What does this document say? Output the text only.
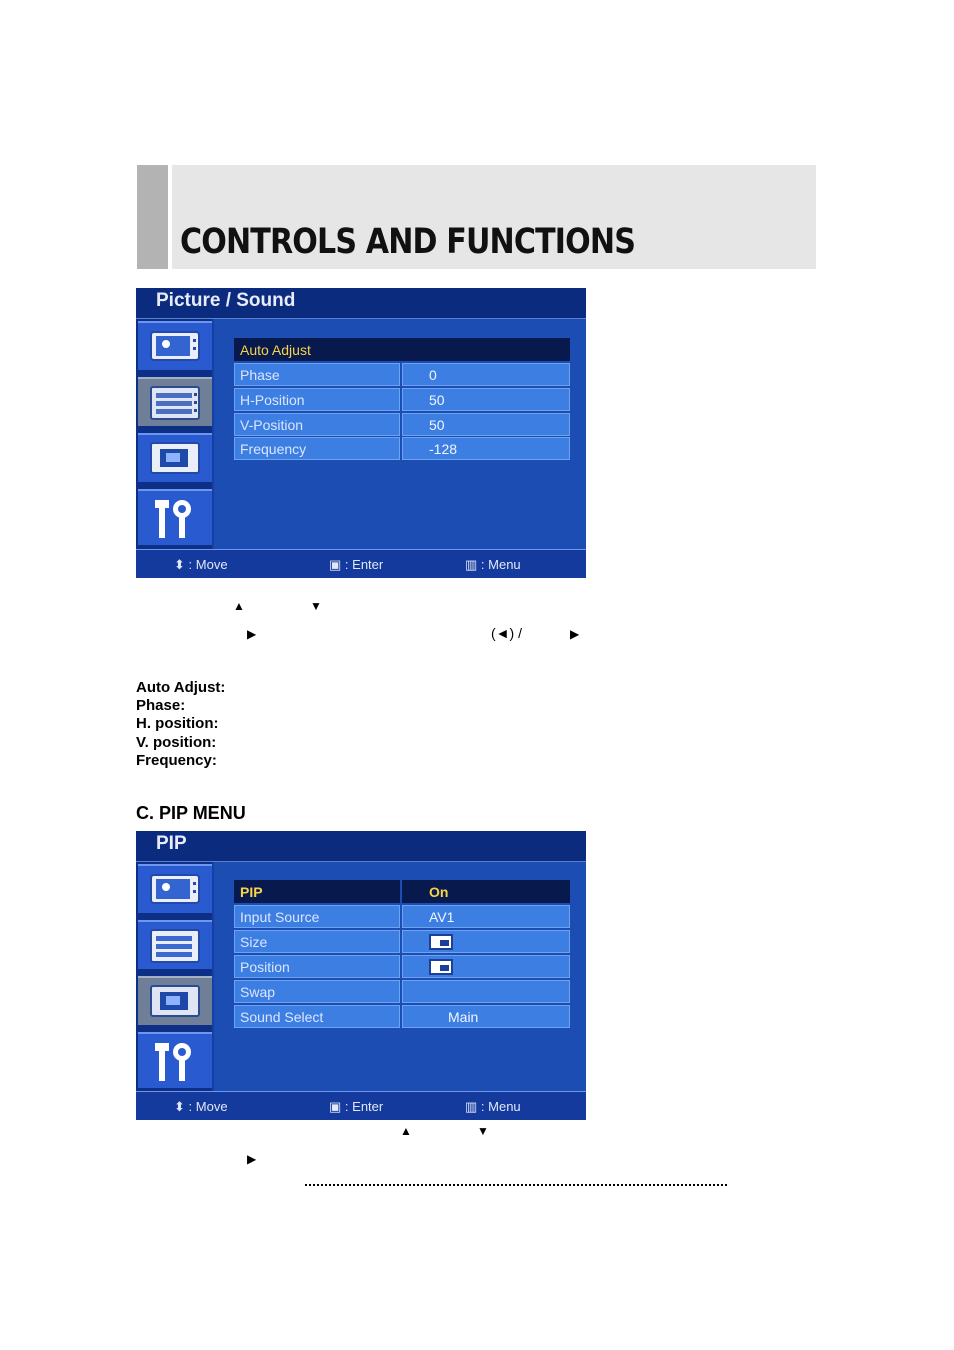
CONTROLS AND FUNCTIONS
Picture / Sound
Auto Adjust
Phase	0
H-Position	50
V-Position	50
Frequency	-128
⬍ : Move	▣ : Enter	▥ : Menu
▲	▼
▶	(◄) /	▶
Auto Adjust:
Phase:
H. position:
V. position:
Frequency:
C. PIP MENU
PIP
PIP	On
Input Source	AV1
Size
Position
Swap
Sound Select	Main
⬍ : Move	▣ : Enter	▥ : Menu
▲	▼
▶
